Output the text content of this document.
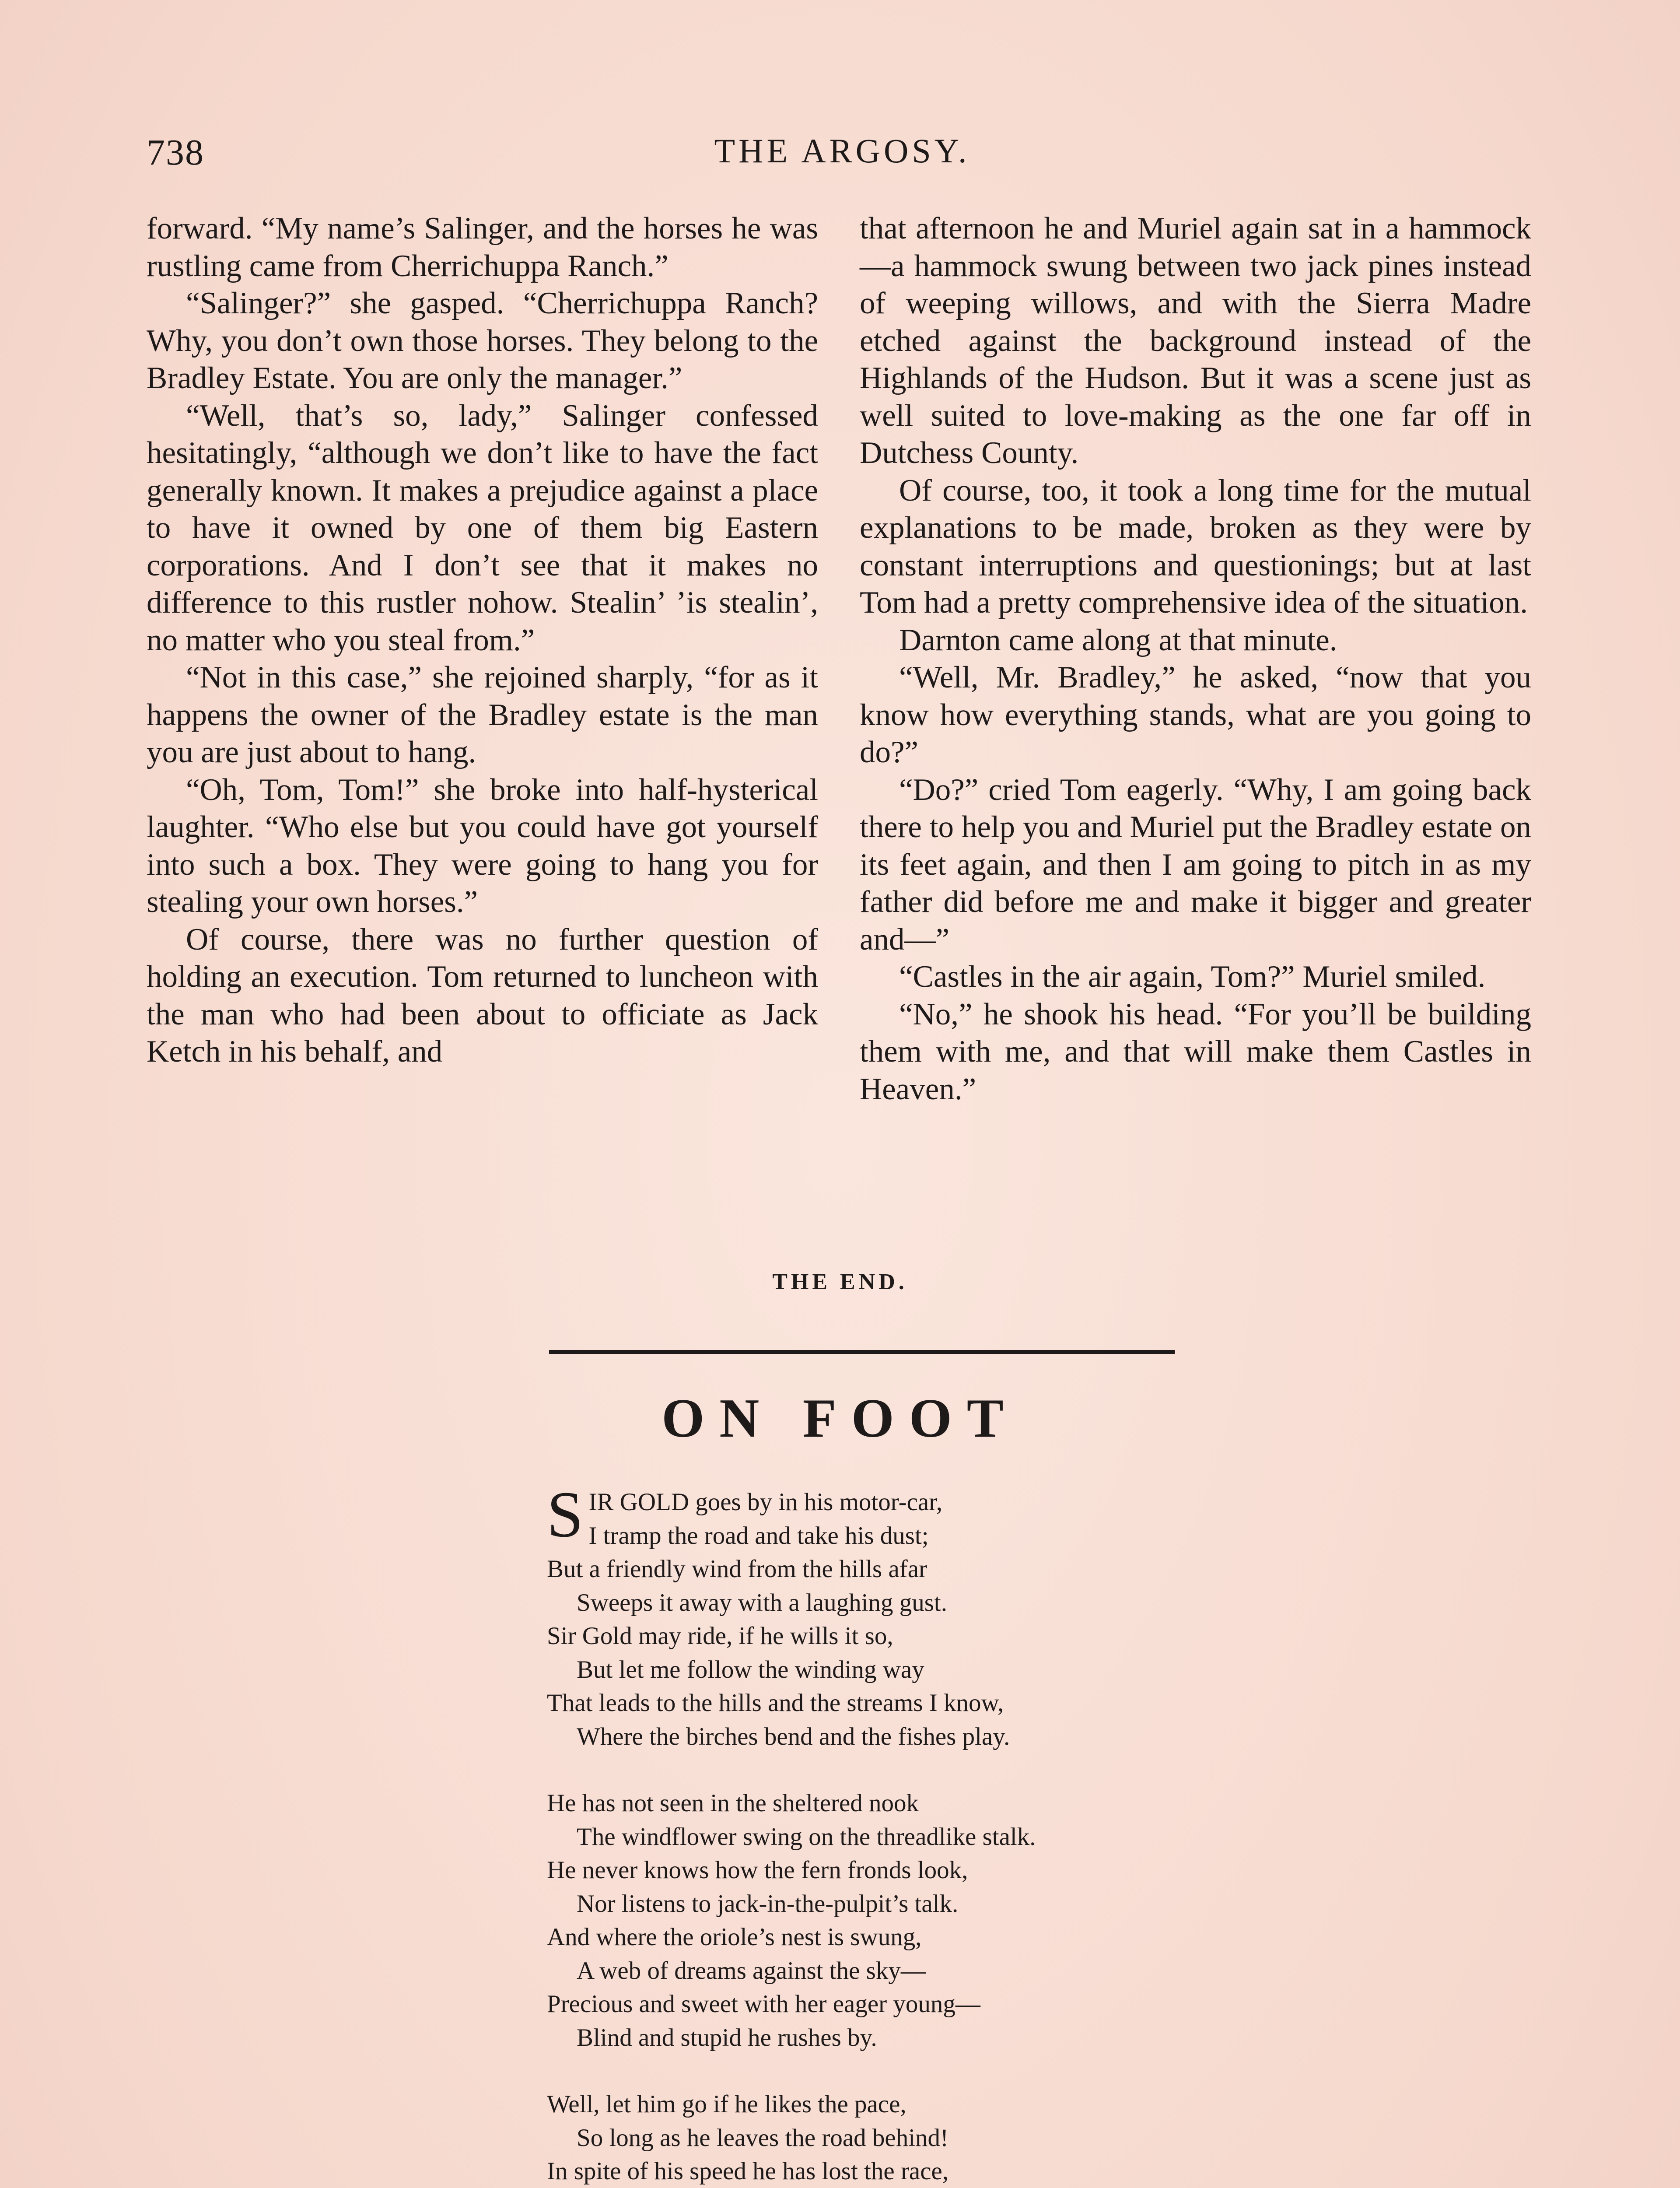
738	THE ARGOSY.

forward. “My name’s Salinger, and the horses he was rustling came from Cherrichuppa Ranch.”

“Salinger?” she gasped. “Cherrichuppa Ranch? Why, you don’t own those horses. They belong to the Bradley Estate. You are only the manager.”

“Well, that’s so, lady,” Salinger confessed hesitatingly, “although we don’t like to have the fact generally known. It makes a prejudice against a place to have it owned by one of them big Eastern corporations. And I don’t see that it makes no difference to this rustler nohow. Stealin’ ’is stealin’, no matter who you steal from.”

“Not in this case,” she rejoined sharply, “for as it happens the owner of the Bradley estate is the man you are just about to hang.

“Oh, Tom, Tom!” she broke into half-hysterical laughter. “Who else but you could have got yourself into such a box. They were going to hang you for stealing your own horses.”

Of course, there was no further question of holding an execution. Tom returned to luncheon with the man who had been about to officiate as Jack Ketch in his behalf, and

that afternoon he and Muriel again sat in a hammock—a hammock swung between two jack pines instead of weeping willows, and with the Sierra Madre etched against the background instead of the Highlands of the Hudson. But it was a scene just as well suited to love-making as the one far off in Dutchess County.

Of course, too, it took a long time for the mutual explanations to be made, broken as they were by constant interruptions and questionings; but at last Tom had a pretty comprehensive idea of the situation.

Darnton came along at that minute.

“Well, Mr. Bradley,” he asked, “now that you know how everything stands, what are you going to do?”

“Do?” cried Tom eagerly. “Why, I am going back there to help you and Muriel put the Bradley estate on its feet again, and then I am going to pitch in as my father did before me and make it bigger and greater and—”

“Castles in the air again, Tom?” Muriel smiled.

“No,” he shook his head. “For you’ll be building them with me, and that will make them Castles in Heaven.”

THE END.
ON FOOT
SIR GOLD goes by in his motor-car,
I tramp the road and take his dust;
But a friendly wind from the hills afar
Sweeps it away with a laughing gust.
Sir Gold may ride, if he wills it so,
But let me follow the winding way
That leads to the hills and the streams I know,
Where the birches bend and the fishes play.
He has not seen in the sheltered nook
The windflower swing on the threadlike stalk.
He never knows how the fern fronds look,
Nor listens to jack-in-the-pulpit’s talk.
And where the oriole’s nest is swung,
A web of dreams against the sky—
Precious and sweet with her eager young—
Blind and stupid he rushes by.
Well, let him go if he likes the pace,
So long as he leaves the road behind!
In spite of his speed he has lost the race,
